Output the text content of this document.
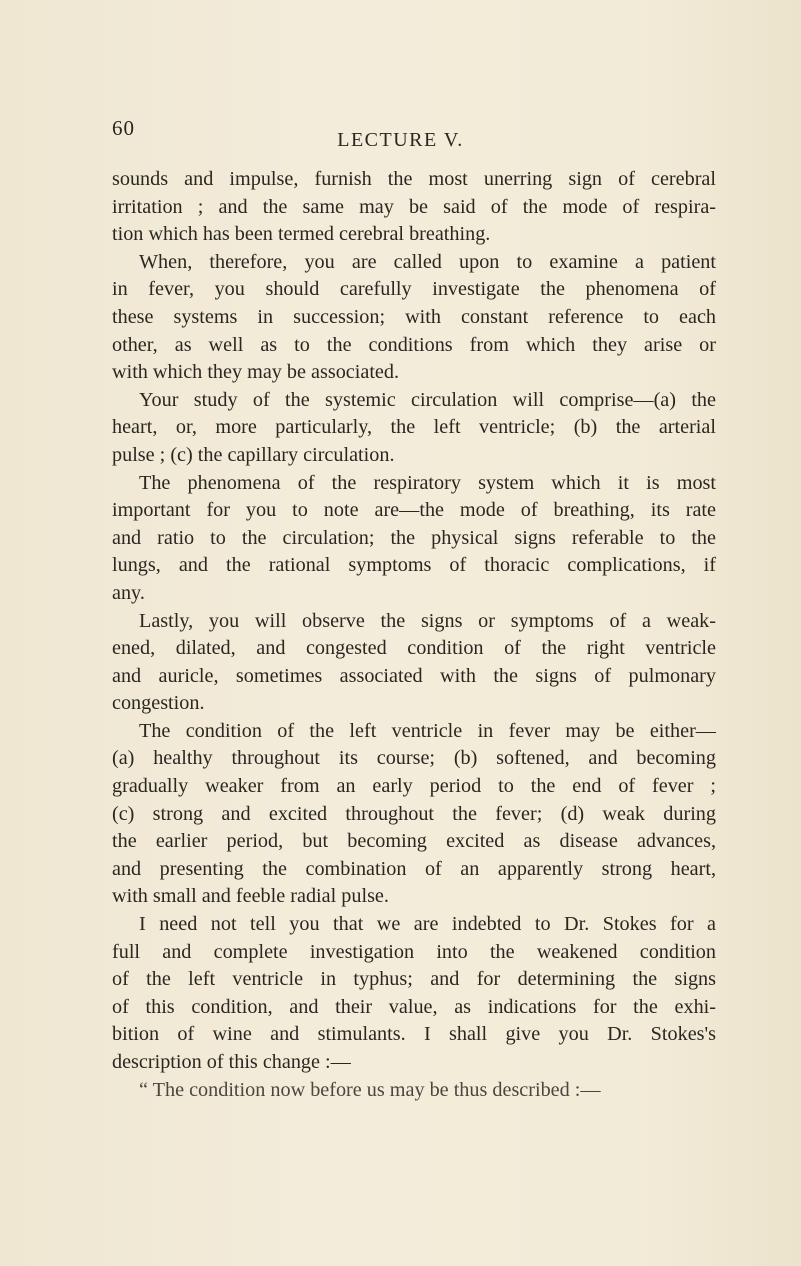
60	LECTURE V.
sounds and impulse, furnish the most unerring sign of cerebral
irritation ; and the same may be said of the mode of respira-
tion which has been termed cerebral breathing.
When, therefore, you are called upon to examine a patient
in fever, you should carefully investigate the phenomena of
these systems in succession; with constant reference to each
other, as well as to the conditions from which they arise or
with which they may be associated.
Your study of the systemic circulation will comprise—(a) the
heart, or, more particularly, the left ventricle; (b) the arterial
pulse ; (c) the capillary circulation.
The phenomena of the respiratory system which it is most
important for you to note are—the mode of breathing, its rate
and ratio to the circulation; the physical signs referable to the
lungs, and the rational symptoms of thoracic complications, if
any.
Lastly, you will observe the signs or symptoms of a weak-
ened, dilated, and congested condition of the right ventricle
and auricle, sometimes associated with the signs of pulmonary
congestion.
The condition of the left ventricle in fever may be either—
(a) healthy throughout its course; (b) softened, and becoming
gradually weaker from an early period to the end of fever ;
(c) strong and excited throughout the fever; (d) weak during
the earlier period, but becoming excited as disease advances,
and presenting the combination of an apparently strong heart,
with small and feeble radial pulse.
I need not tell you that we are indebted to Dr. Stokes for a
full and complete investigation into the weakened condition
of the left ventricle in typhus; and for determining the signs
of this condition, and their value, as indications for the exhi-
bition of wine and stimulants. I shall give you Dr. Stokes's
description of this change :—
“ The condition now before us may be thus described :—
